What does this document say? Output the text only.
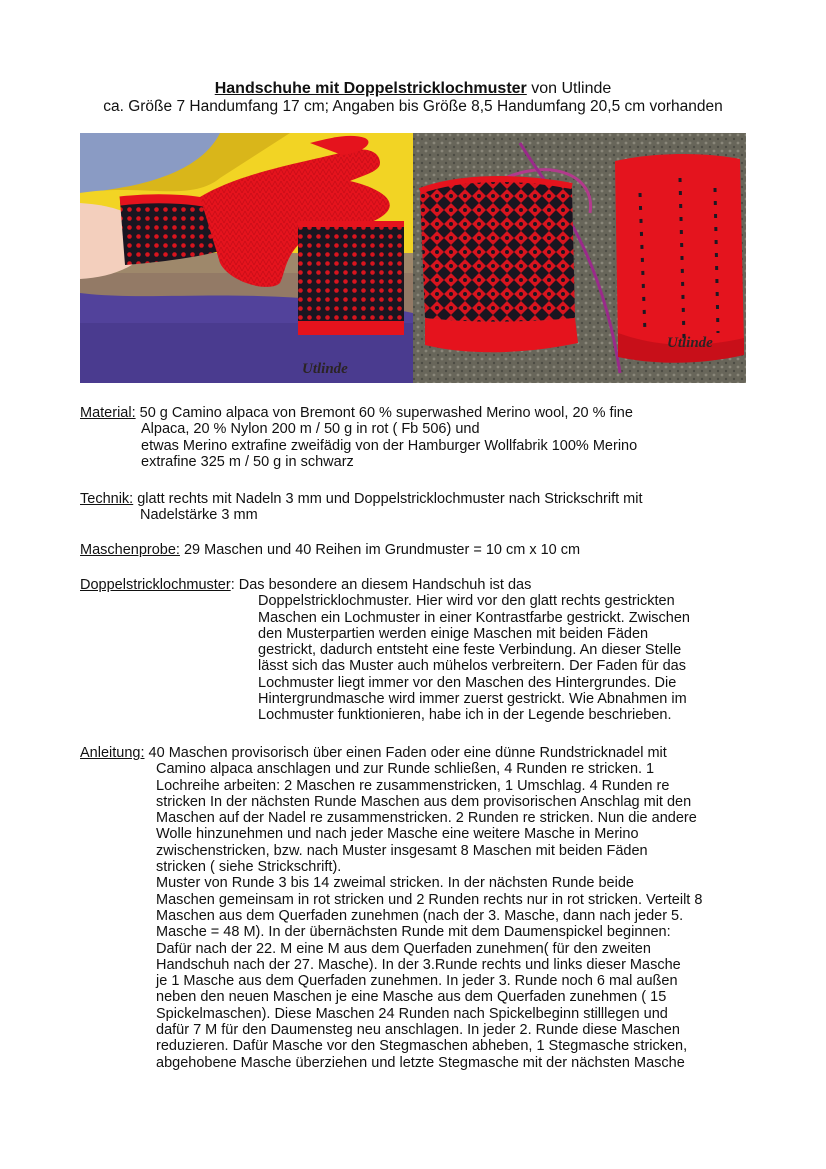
Handschuhe mit Doppelstricklochmuster von Utlinde
ca. Größe 7 Handumfang 17 cm; Angaben bis Größe 8,5 Handumfang 20,5 cm vorhanden
Utlinde
Utlinde
Material: 50 g Camino alpaca von Bremont 60 % superwashed Merino wool, 20 % fine
Alpaca, 20 % Nylon 200 m / 50 g in rot ( Fb 506) und
etwas Merino extrafine zweifädig von der Hamburger Wollfabrik 100% Merino
extrafine 325 m / 50 g in schwarz
Technik: glatt rechts mit Nadeln 3 mm und Doppelstricklochmuster nach Strickschrift mit
Nadelstärke 3 mm
Maschenprobe: 29 Maschen und 40 Reihen im Grundmuster = 10 cm x 10 cm
Doppelstricklochmuster: Das besondere an diesem Handschuh ist das
Doppelstricklochmuster. Hier wird vor den glatt rechts gestrickten
Maschen ein Lochmuster in einer Kontrastfarbe gestrickt. Zwischen
den Musterpartien werden einige Maschen mit beiden Fäden
gestrickt, dadurch entsteht eine feste Verbindung. An dieser Stelle
lässt sich das Muster auch mühelos verbreitern. Der Faden für das
Lochmuster liegt immer vor den Maschen des Hintergrundes. Die
Hintergrundmasche wird immer zuerst gestrickt. Wie Abnahmen im
Lochmuster funktionieren, habe ich in der Legende beschrieben.
Anleitung: 40 Maschen provisorisch über einen Faden oder eine dünne Rundstricknadel mit
Camino alpaca anschlagen und zur Runde schließen, 4 Runden re stricken. 1
Lochreihe arbeiten: 2 Maschen re zusammenstricken, 1 Umschlag. 4 Runden re
stricken In der nächsten Runde Maschen aus dem provisorischen Anschlag mit den
Maschen auf der Nadel re zusammenstricken. 2 Runden re stricken. Nun die andere
Wolle hinzunehmen und nach jeder Masche eine weitere Masche in Merino
zwischenstricken, bzw. nach Muster insgesamt 8 Maschen mit beiden Fäden
stricken ( siehe Strickschrift).
Muster von Runde 3 bis 14 zweimal stricken. In der nächsten Runde beide
Maschen gemeinsam in rot stricken und 2 Runden rechts nur in rot stricken. Verteilt 8
Maschen aus dem Querfaden zunehmen (nach der 3. Masche, dann nach jeder 5.
Masche = 48 M). In der übernächsten Runde mit dem Daumenspickel beginnen:
Dafür nach der 22. M eine M aus dem Querfaden zunehmen( für den zweiten
Handschuh nach der 27. Masche). In der 3.Runde rechts und links dieser Masche
je 1 Masche aus dem Querfaden zunehmen. In jeder 3. Runde noch 6 mal außen
neben den neuen Maschen je eine Masche aus dem Querfaden zunehmen ( 15
Spickelmaschen). Diese Maschen 24 Runden nach Spickelbeginn stilllegen und
dafür 7 M für den Daumensteg neu anschlagen. In jeder 2. Runde diese Maschen
reduzieren. Dafür Masche vor den Stegmaschen abheben, 1 Stegmasche stricken,
abgehobene Masche überziehen und letzte Stegmasche mit der nächsten Masche
